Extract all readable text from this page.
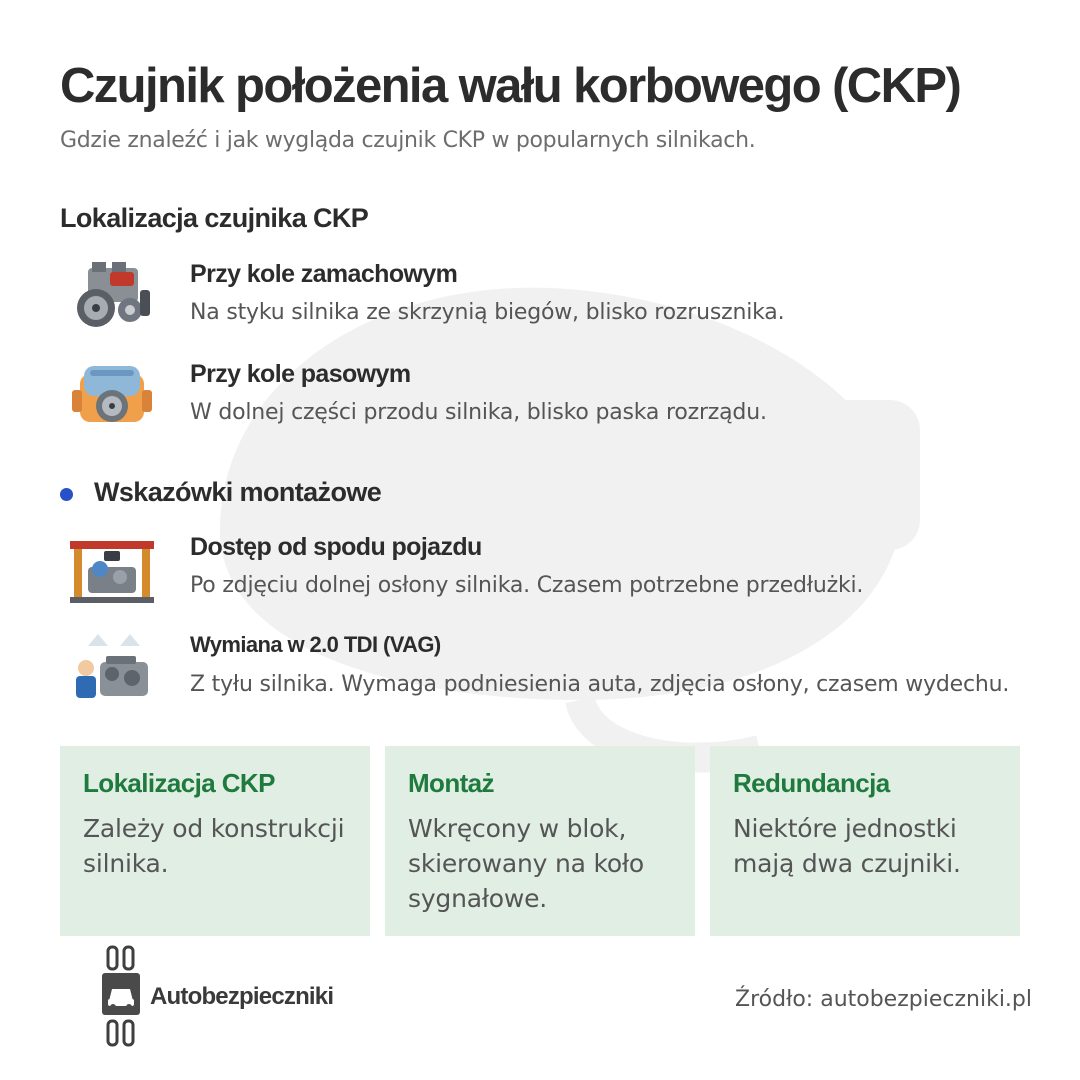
Czujnik położenia wału korbowego (CKP)
Gdzie znaleźć i jak wygląda czujnik CKP w popularnych silnikach.
Lokalizacja czujnika CKP
Przy kole zamachowym
Na styku silnika ze skrzynią biegów, blisko rozrusznika.
Przy kole pasowym
W dolnej części przodu silnika, blisko paska rozrządu.
Wskazówki montażowe
Dostęp od spodu pojazdu
Po zdjęciu dolnej osłony silnika. Czasem potrzebne przedłużki.
Wymiana w 2.0 TDI (VAG)
Z tyłu silnika. Wymaga podniesienia auta, zdjęcia osłony, czasem wydechu.
Lokalizacja CKP
Zależy od konstrukcji silnika.
Montaż
Wkręcony w blok, skierowany na koło sygnałowe.
Redundancja
Niektóre jednostki mają dwa czujniki.
Autobezpieczniki	Źródło: autobezpieczniki.pl
